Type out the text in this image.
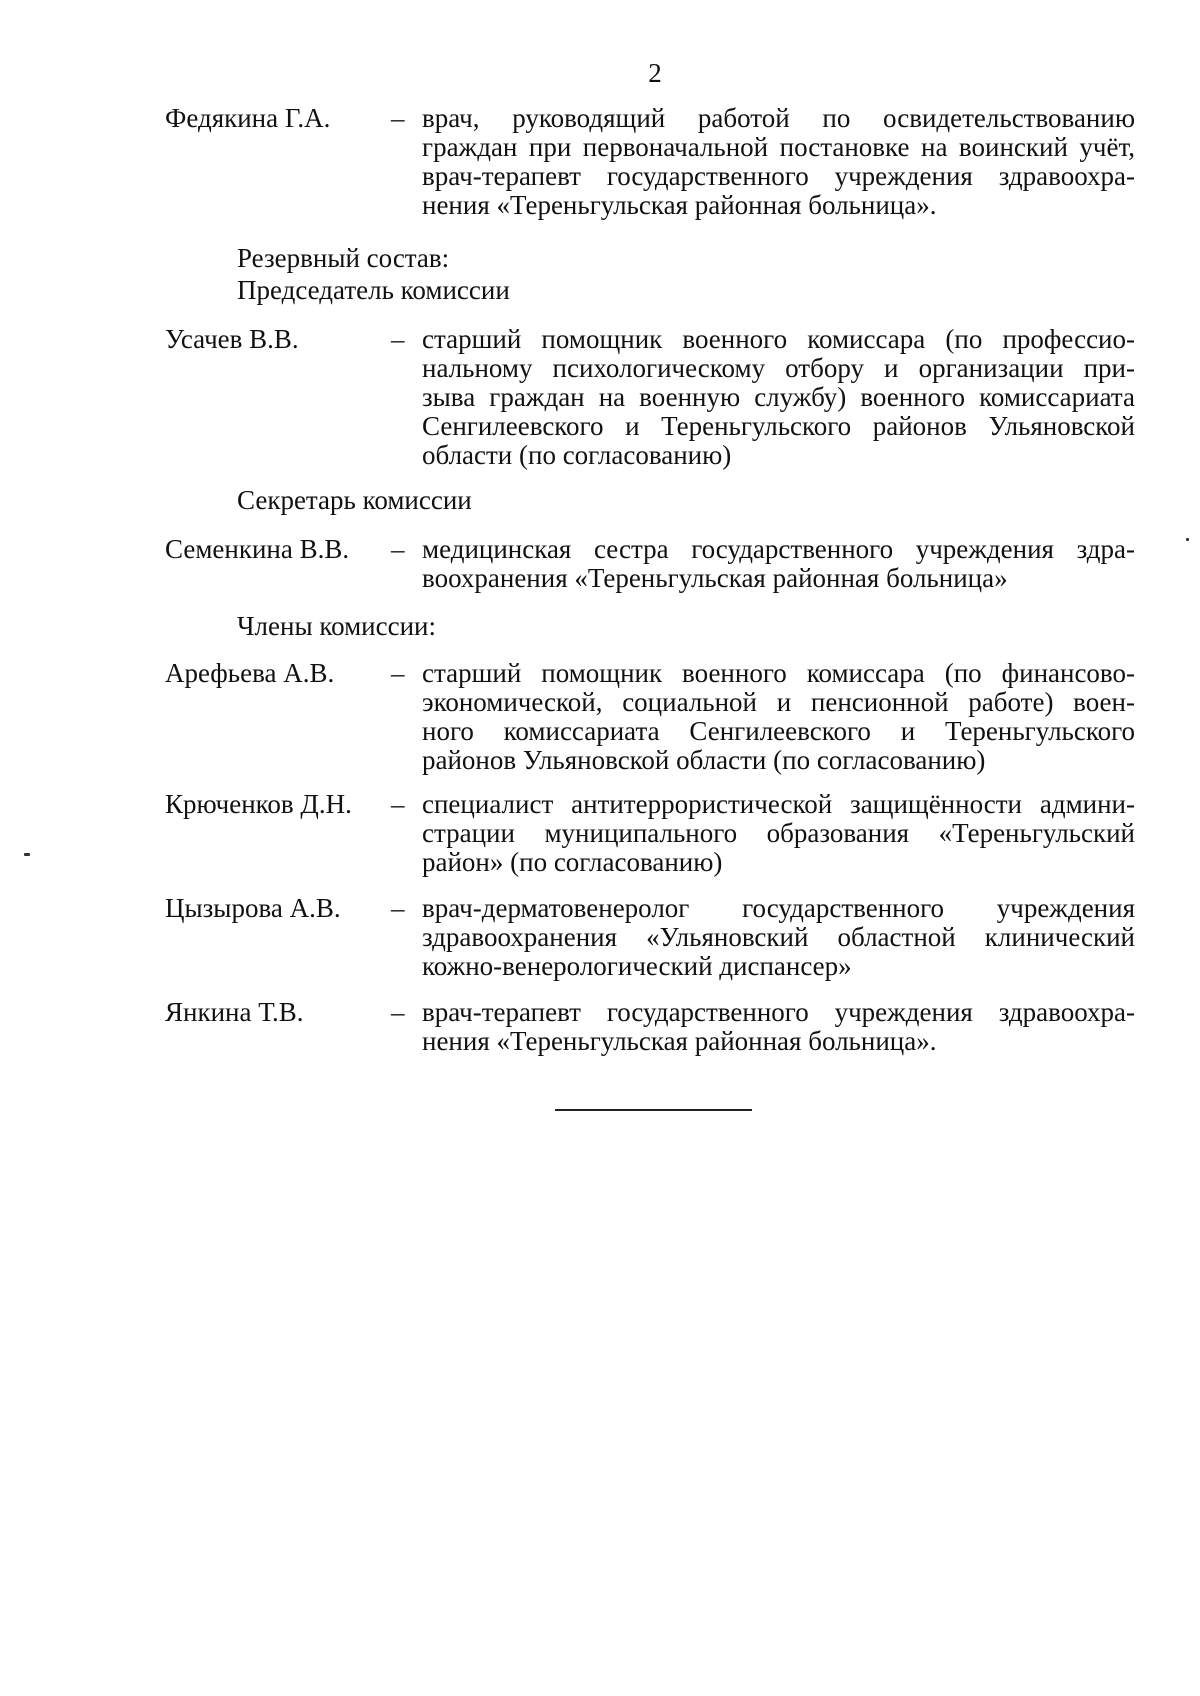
2
Федякина Г.А. – врач, руководящий работой по освидетельствованию
граждан при первоначальной постановке на воинский учёт,
врач-терапевт государственного учреждения здравоохра-
нения «Тереньгульская районная больница».
Резервный состав:
Председатель комиссии
Усачев В.В.	– старший помощник военного комиссара (по профессио-
нальному психологическому отбору и организации при-
зыва граждан на военную службу) военного комиссариата
Сенгилеевского и Тереньгульского районов Ульяновской
области (по согласованию)
Секретарь комиссии
Семенкина В.В. – медицинская сестра государственного учреждения здра-
воохранения «Тереньгульская районная больница»
Члены комиссии:
Арефьева А.В. – старший помощник военного комиссара (по финансово-
экономической, социальной и пенсионной работе) воен-
ного комиссариата Сенгилеевского и Тереньгульского
районов Ульяновской области (по согласованию)
Крюченков Д.Н. – специалист антитеррористической защищённости админи-
страции муниципального образования «Тереньгульский
район» (по согласованию)
Цызырова А.В. – врач-дерматовенеролог государственного учреждения
здравоохранения «Ульяновский областной клинический
кожно-венерологический диспансер»
Янкина Т.В.	– врач-терапевт государственного учреждения здравоохра-
нения «Тереньгульская районная больница».
